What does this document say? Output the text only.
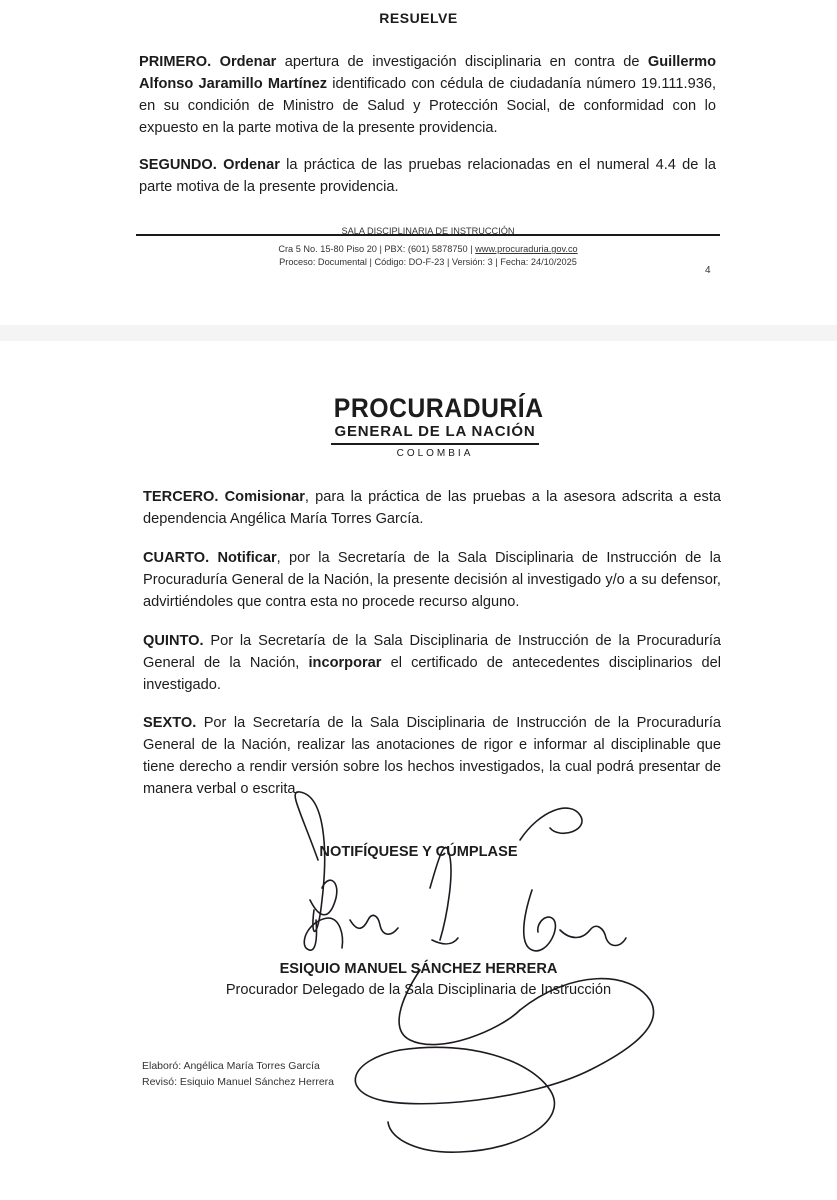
RESUELVE
PRIMERO. Ordenar apertura de investigación disciplinaria en contra de Guillermo Alfonso Jaramillo Martínez identificado con cédula de ciudadanía número 19.111.936, en su condición de Ministro de Salud y Protección Social, de conformidad con lo expuesto en la parte motiva de la presente providencia.
SEGUNDO. Ordenar la práctica de las pruebas relacionadas en el numeral 4.4 de la parte motiva de la presente providencia.
SALA DISCIPLINARIA DE INSTRUCCIÓN
Cra 5 No. 15-80 Piso 20 | PBX: (601) 5878750 | www.procuraduria.gov.co
Proceso: Documental | Código: DO-F-23 | Versión: 3 | Fecha: 24/10/2025
4
PROCURADURÍA
GENERAL DE LA NACIÓN
COLOMBIA
TERCERO. Comisionar, para la práctica de las pruebas a la asesora adscrita a esta dependencia Angélica María Torres García.
CUARTO. Notificar, por la Secretaría de la Sala Disciplinaria de Instrucción de la Procuraduría General de la Nación, la presente decisión al investigado y/o a su defensor, advirtiéndoles que contra esta no procede recurso alguno.
QUINTO. Por la Secretaría de la Sala Disciplinaria de Instrucción de la Procuraduría General de la Nación, incorporar el certificado de antecedentes disciplinarios del investigado.
SEXTO. Por la Secretaría de la Sala Disciplinaria de Instrucción de la Procuraduría General de la Nación, realizar las anotaciones de rigor e informar al disciplinable que tiene derecho a rendir versión sobre los hechos investigados, la cual podrá presentar de manera verbal o escrita.
NOTIFÍQUESE Y CÚMPLASE
ESIQUIO MANUEL SÁNCHEZ HERRERA
Procurador Delegado de la Sala Disciplinaria de Instrucción
Elaboró: Angélica María Torres García
Revisó: Esiquio Manuel Sánchez Herrera
